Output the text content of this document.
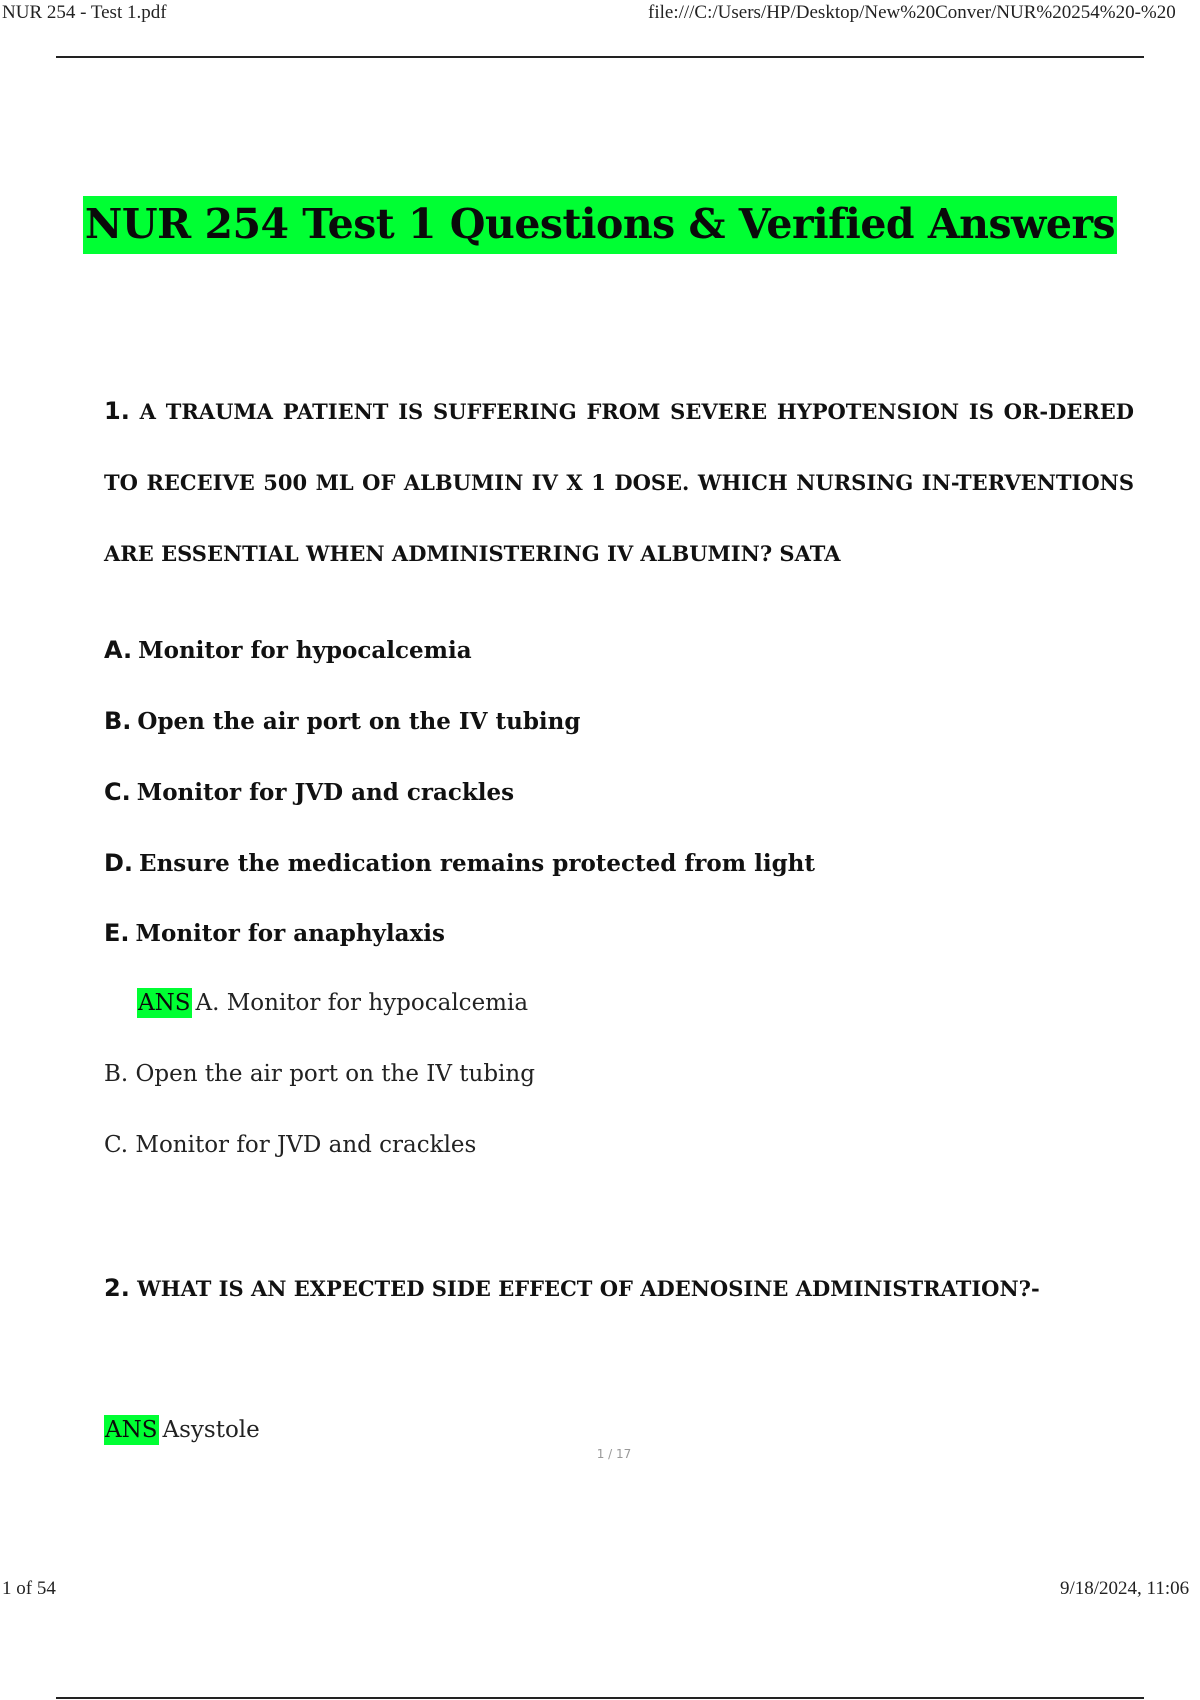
NUR 254 - Test 1.pdf	file:///C:/Users/HP/Desktop/New%20Conver/NUR%20254%20-%20
NUR 254 Test 1 Questions & Verified Answers
1. A TRAUMA PATIENT IS SUFFERING FROM SEVERE HYPOTENSION IS OR-DERED TO RECEIVE 500 ML OF ALBUMIN IV X 1 DOSE. WHICH NURSING IN-TERVENTIONS ARE ESSENTIAL WHEN ADMINISTERING IV ALBUMIN? SATA
A. Monitor for hypocalcemia
B. Open the air port on the IV tubing
C. Monitor for JVD and crackles
D. Ensure the medication remains protected from light
E. Monitor for anaphylaxis
ANS A. Monitor for hypocalcemia
B. Open the air port on the IV tubing
C. Monitor for JVD and crackles
2. WHAT IS AN EXPECTED SIDE EFFECT OF ADENOSINE ADMINISTRATION?-
ANS Asystole
1 / 17
1 of 54	9/18/2024, 11:06
